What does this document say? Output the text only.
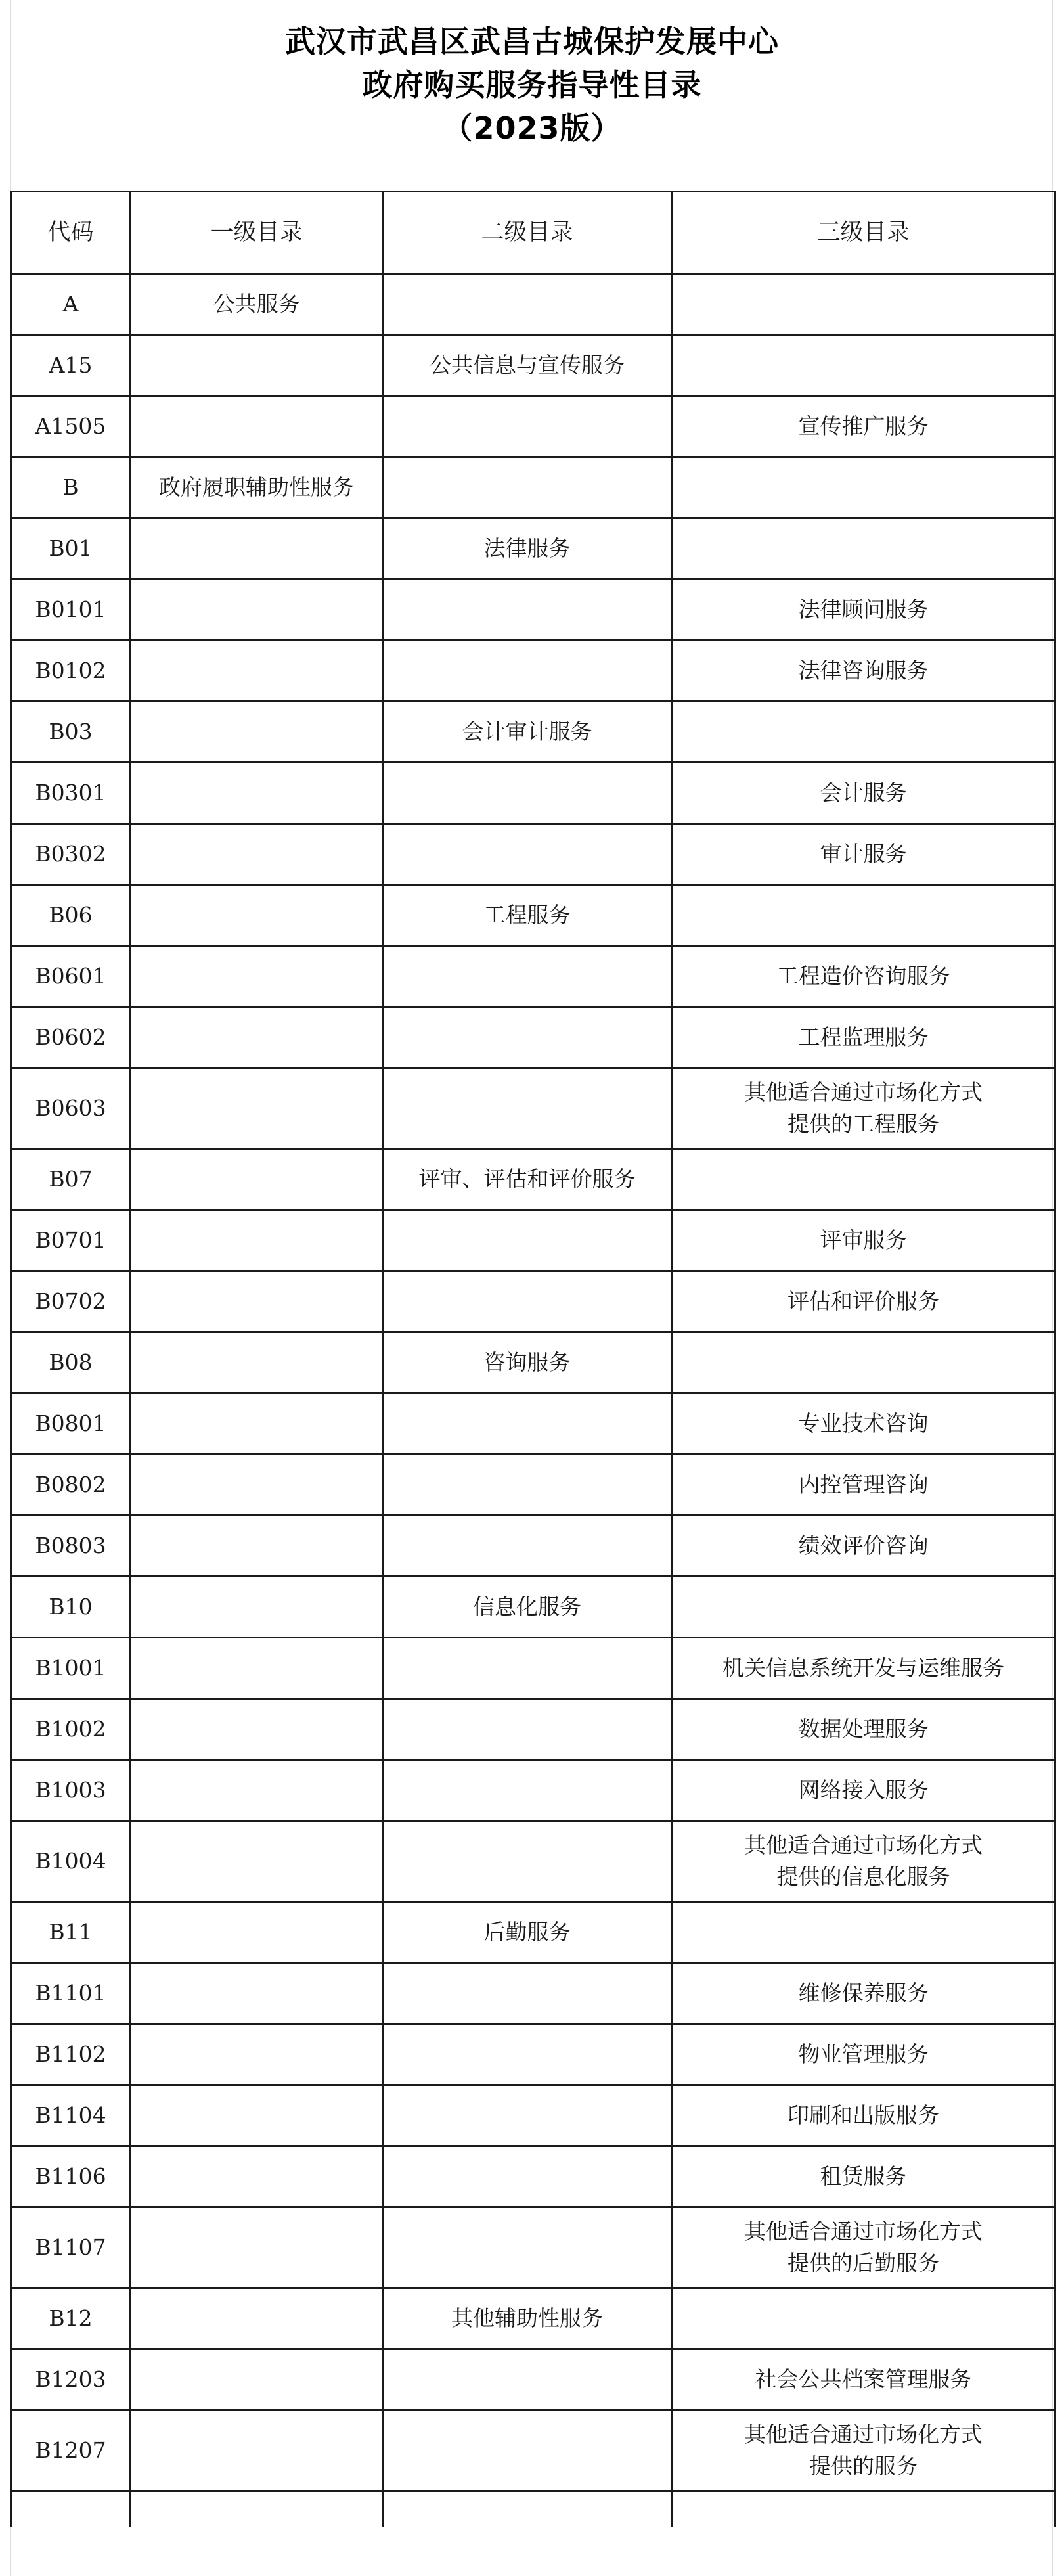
武汉市武昌区武昌古城保护发展中心
政府购买服务指导性目录
（2023版）
代码	一级目录	二级目录	三级目录
A	公共服务		
A15		公共信息与宣传服务	
A1505			宣传推广服务
B	政府履职辅助性服务		
B01		法律服务	
B0101			法律顾问服务
B0102			法律咨询服务
B03		会计审计服务	
B0301			会计服务
B0302			审计服务
B06		工程服务	
B0601			工程造价咨询服务
B0602			工程监理服务
B0603			其他适合通过市场化方式
提供的工程服务
B07		评审、评估和评价服务	
B0701			评审服务
B0702			评估和评价服务
B08		咨询服务	
B0801			专业技术咨询
B0802			内控管理咨询
B0803			绩效评价咨询
B10		信息化服务	
B1001			机关信息系统开发与运维服务
B1002			数据处理服务
B1003			网络接入服务
B1004			其他适合通过市场化方式
提供的信息化服务
B11		后勤服务	
B1101			维修保养服务
B1102			物业管理服务
B1104			印刷和出版服务
B1106			租赁服务
B1107			其他适合通过市场化方式
提供的后勤服务
B12		其他辅助性服务	
B1203			社会公共档案管理服务
B1207			其他适合通过市场化方式
提供的服务
